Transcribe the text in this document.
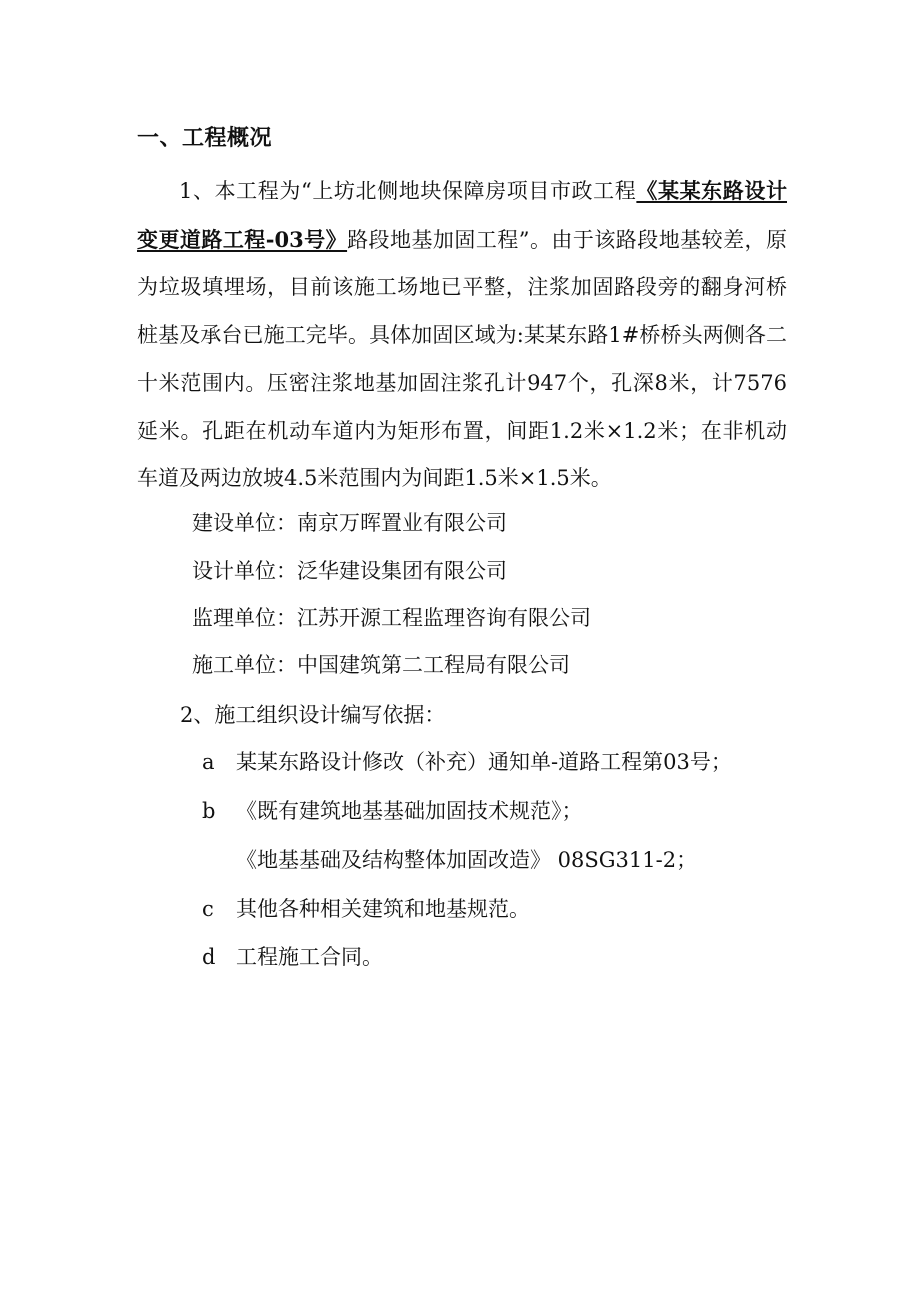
一、工程概况
1、本工程为“上坊北侧地块保障房项目市政工程《某某东路设计变更道路工程-03号》路段地基加固工程”。由于该路段地基较差，原为垃圾填埋场，目前该施工场地已平整，注浆加固路段旁的翻身河桥桩基及承台已施工完毕。具体加固区域为:某某东路1#桥桥头两侧各二十米范围内。压密注浆地基加固注浆孔计947个，孔深8米，计7576延米。孔距在机动车道内为矩形布置，间距1.2米×1.2米；在非机动车道及两边放坡4.5米范围内为间距1.5米×1.5米。
建设单位：南京万晖置业有限公司
设计单位：泛华建设集团有限公司
监理单位：江苏开源工程监理咨询有限公司
施工单位：中国建筑第二工程局有限公司
2、施工组织设计编写依据：
a 某某东路设计修改（补充）通知单-道路工程第03号；
b 《既有建筑地基基础加固技术规范》；
《地基基础及结构整体加固改造》 08SG311-2；
c 其他各种相关建筑和地基规范。
d 工程施工合同。
